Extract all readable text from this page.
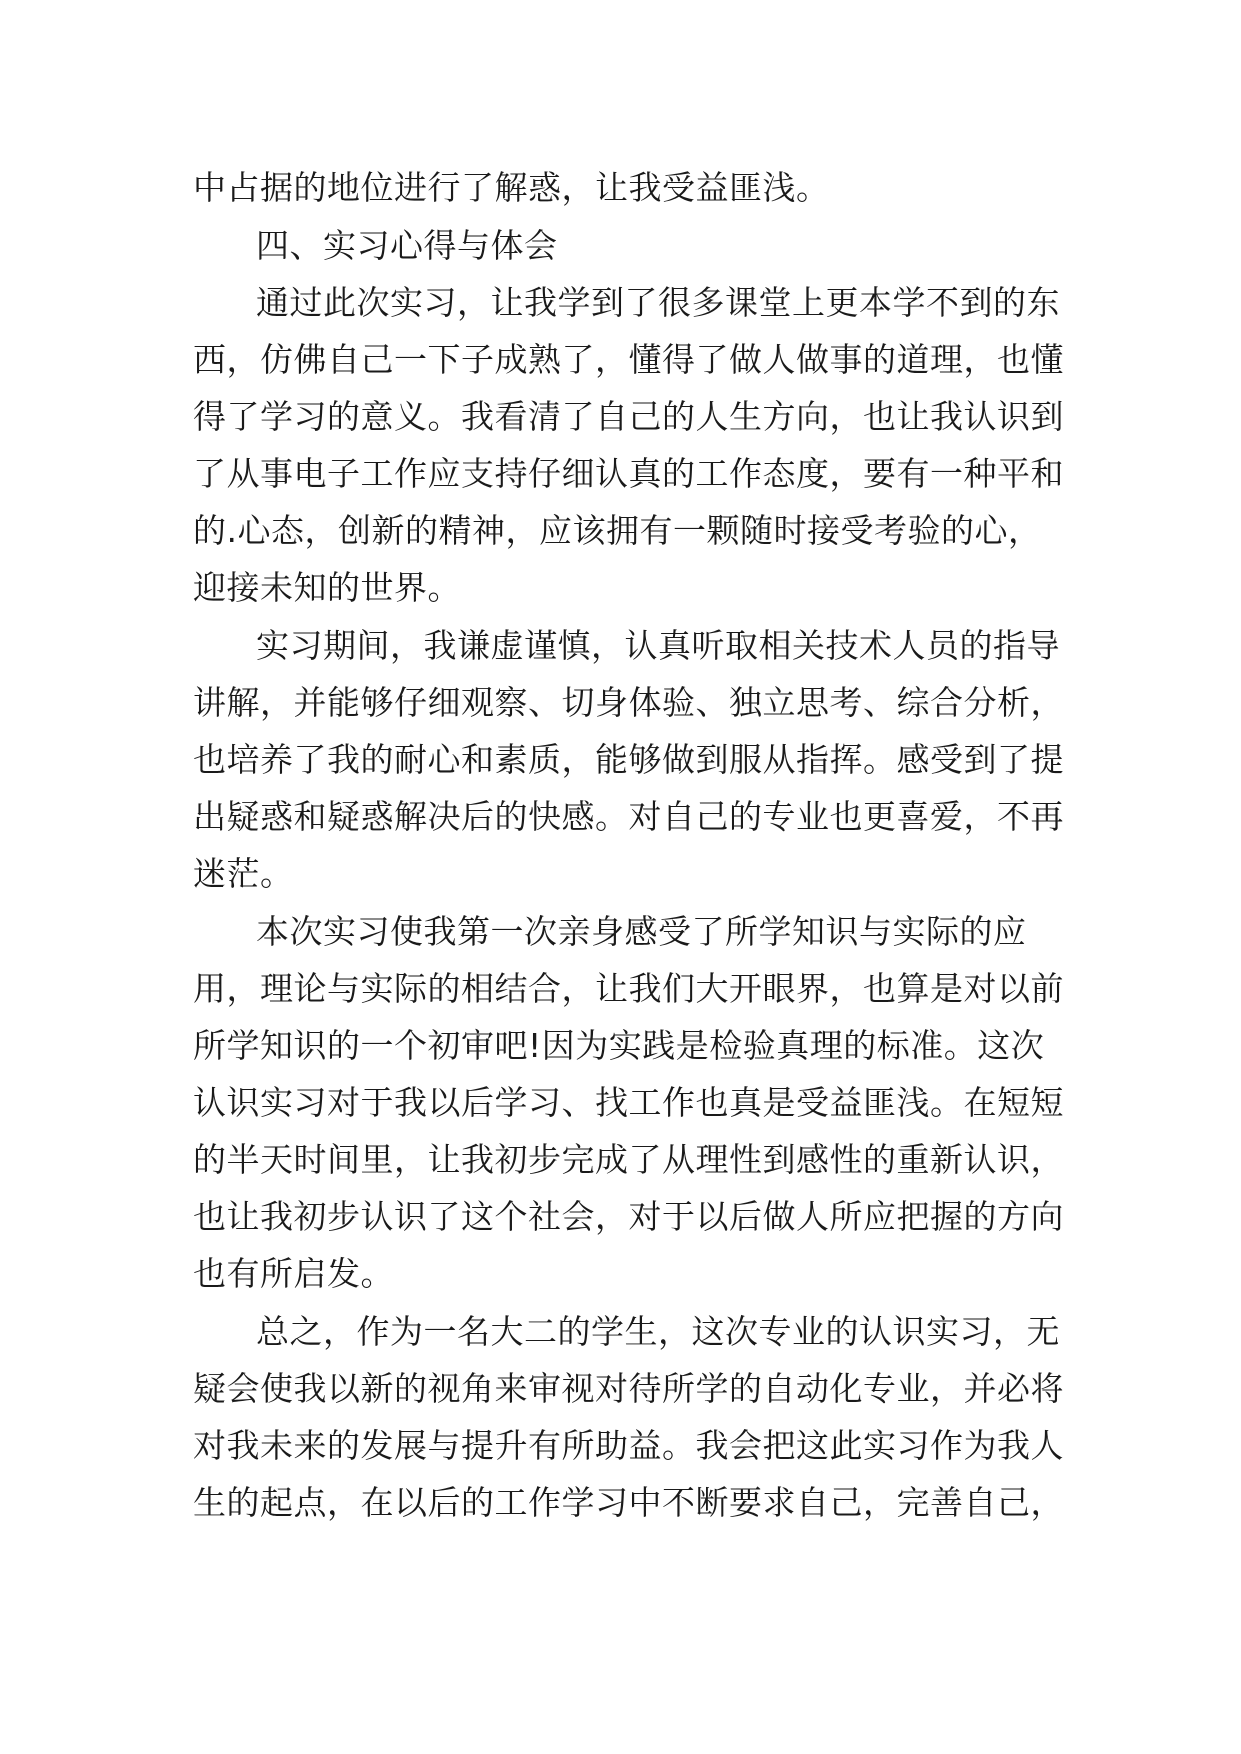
中占据的地位进行了解惑，让我受益匪浅。
四、实习心得与体会
通过此次实习，让我学到了很多课堂上更本学不到的东
西，仿佛自己一下子成熟了，懂得了做人做事的道理，也懂
得了学习的意义。我看清了自己的人生方向，也让我认识到
了从事电子工作应支持仔细认真的工作态度，要有一种平和
的.心态，创新的精神，应该拥有一颗随时接受考验的心，
迎接未知的世界。
实习期间，我谦虚谨慎，认真听取相关技术人员的指导
讲解，并能够仔细观察、切身体验、独立思考、综合分析，
也培养了我的耐心和素质，能够做到服从指挥。感受到了提
出疑惑和疑惑解决后的快感。对自己的专业也更喜爱，不再
迷茫。
本次实习使我第一次亲身感受了所学知识与实际的应
用，理论与实际的相结合，让我们大开眼界，也算是对以前
所学知识的一个初审吧!因为实践是检验真理的标准。这次
认识实习对于我以后学习、找工作也真是受益匪浅。在短短
的半天时间里，让我初步完成了从理性到感性的重新认识，
也让我初步认识了这个社会，对于以后做人所应把握的方向
也有所启发。
总之，作为一名大二的学生，这次专业的认识实习，无
疑会使我以新的视角来审视对待所学的自动化专业，并必将
对我未来的发展与提升有所助益。我会把这此实习作为我人
生的起点，在以后的工作学习中不断要求自己，完善自己，
